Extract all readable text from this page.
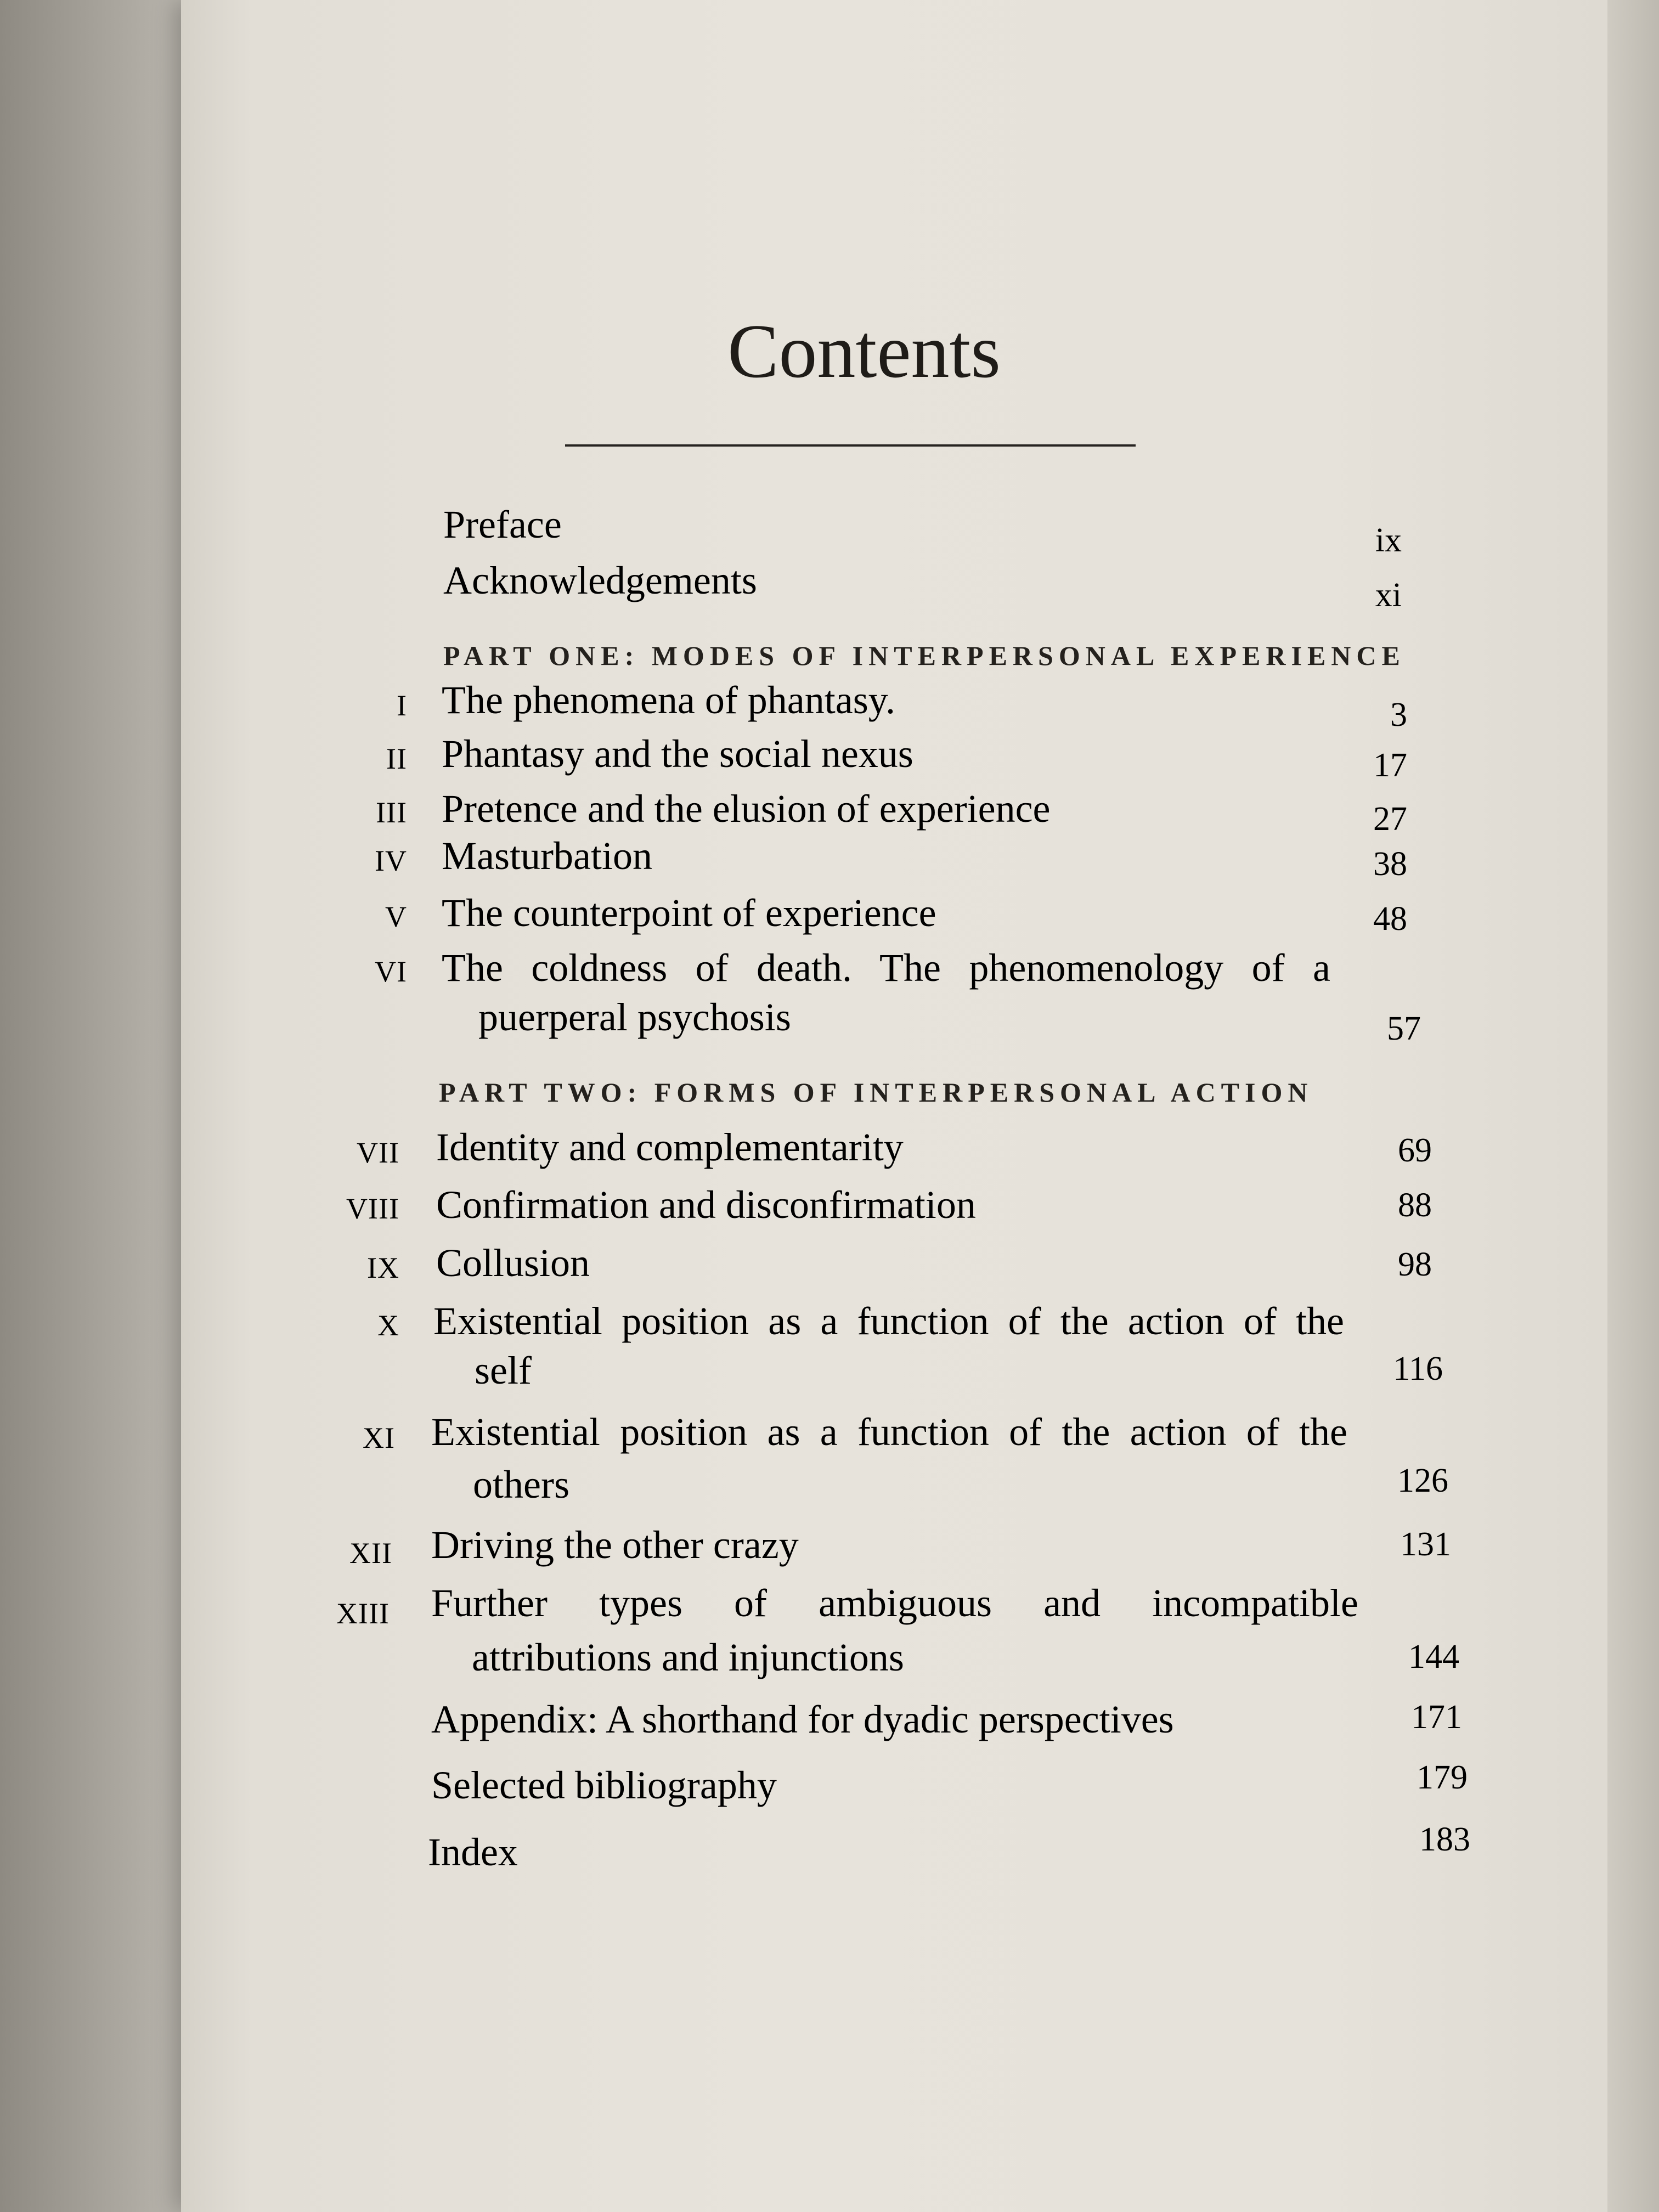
Contents
Preface	ix
Acknowledgements	xi
PART ONE: MODES OF INTERPERSONAL EXPERIENCE
I The phenomena of phantasy.	3
II Phantasy and the social nexus	17
III Pretence and the elusion of experience	27
IV Masturbation	38
V The counterpoint of experience	48
VI The coldness of death. The phenomenology of a
puerperal psychosis	57
PART TWO: FORMS OF INTERPERSONAL ACTION
VII Identity and complementarity	69
VIII Confirmation and disconfirmation	88
IX Collusion	98
X Existential position as a function of the action of the
self	116
XI Existential position as a function of the action of the
others	126
XII Driving the other crazy	131
XIII Further types of ambiguous and incompatible
attributions and injunctions	144
Appendix: A shorthand for dyadic perspectives	171
Selected bibliography	179
Index	183
